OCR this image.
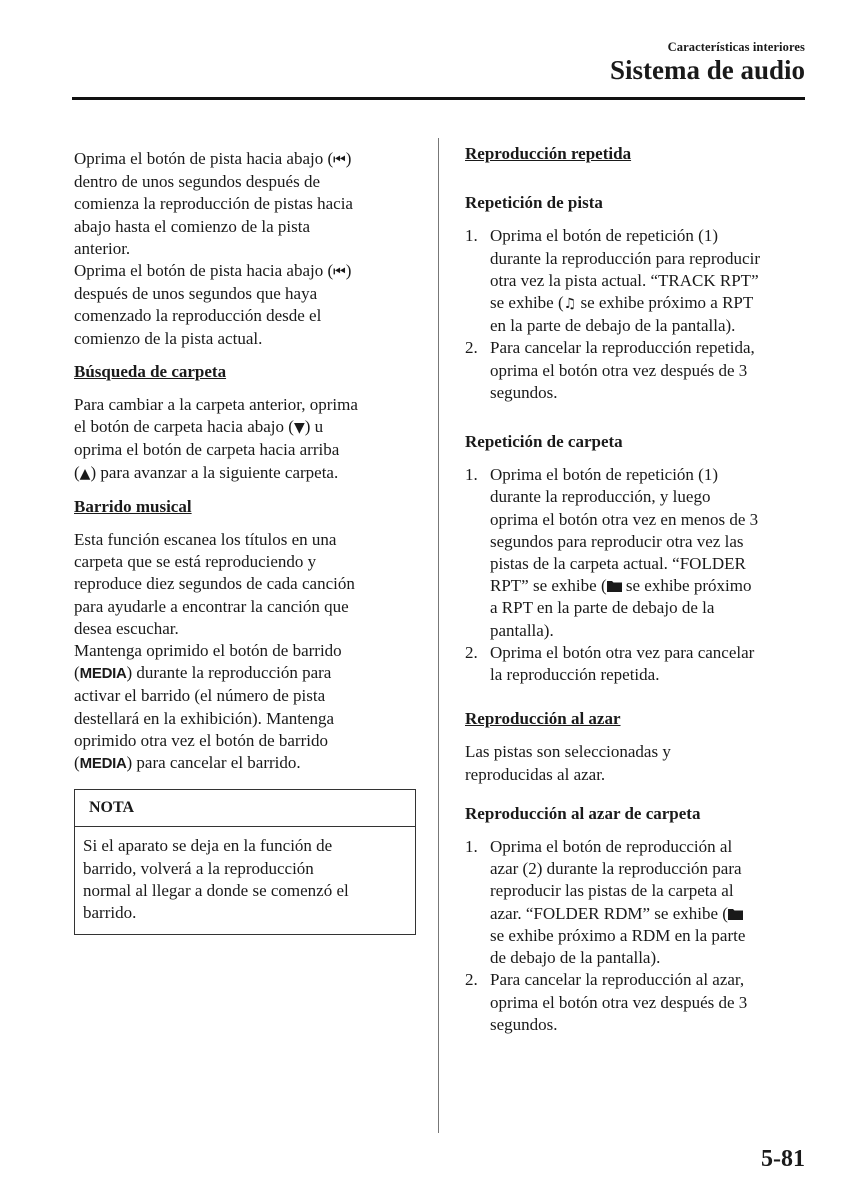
Características interiores
Sistema de audio

Oprima el botón de pista hacia abajo (⏮)
dentro de unos segundos después de
comienza la reproducción de pistas hacia
abajo hasta el comienzo de la pista
anterior.

Oprima el botón de pista hacia abajo (⏮)
después de unos segundos que haya
comenzado la reproducción desde el
comienzo de la pista actual.

Búsqueda de carpeta

Para cambiar a la carpeta anterior, oprima
el botón de carpeta hacia abajo (▼) u
oprima el botón de carpeta hacia arriba
(▲) para avanzar a la siguiente carpeta.

Barrido musical

Esta función escanea los títulos en una
carpeta que se está reproduciendo y
reproduce diez segundos de cada canción
para ayudarle a encontrar la canción que
desea escuchar.

Mantenga oprimido el botón de barrido
(MEDIA) durante la reproducción para
activar el barrido (el número de pista
destellará en la exhibición). Mantenga
oprimido otra vez el botón de barrido
(MEDIA) para cancelar el barrido.

NOTA
Si el aparato se deja en la función de
barrido, volverá a la reproducción
normal al llegar a donde se comenzó el
barrido.

Reproducción repetida

Repetición de pista

1. Oprima el botón de repetición (1)
durante la reproducción para reproducir
otra vez la pista actual. “TRACK RPT”
se exhibe (♫ se exhibe próximo a RPT
en la parte de debajo de la pantalla).
2. Para cancelar la reproducción repetida,
oprima el botón otra vez después de 3
segundos.

Repetición de carpeta

1. Oprima el botón de repetición (1)
durante la reproducción, y luego
oprima el botón otra vez en menos de 3
segundos para reproducir otra vez las
pistas de la carpeta actual. “FOLDER
RPT” se exhibe ( se exhibe próximo
a RPT en la parte de debajo de la
pantalla).
2. Oprima el botón otra vez para cancelar
la reproducción repetida.

Reproducción al azar

Las pistas son seleccionadas y
reproducidas al azar.

Reproducción al azar de carpeta

1. Oprima el botón de reproducción al
azar (2) durante la reproducción para
reproducir las pistas de la carpeta al
azar. “FOLDER RDM” se exhibe (

se exhibe próximo a RDM en la parte
de debajo de la pantalla).
2. Para cancelar la reproducción al azar,
oprima el botón otra vez después de 3
segundos.
5-81
